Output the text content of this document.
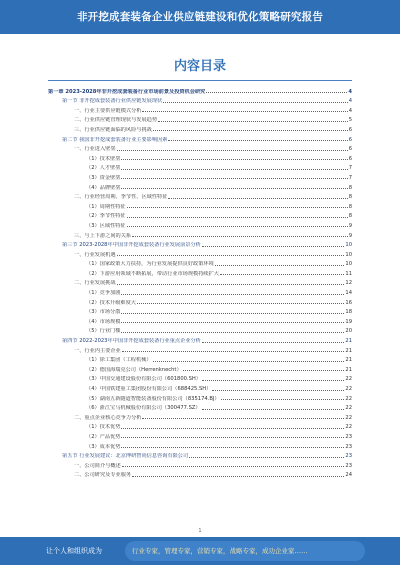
非开挖成套装备企业供应链建设和优化策略研究报告
内容目录
第一章 2023-2028年非开挖成套装备行业市场前景及投资机会研究	4
第一节 非开挖成套装备行业供应链发展现状	4
一、行业主要供应链模式分析	4
二、行业供应链管理现状与发展趋势	5
三、行业供应链面临的风险与挑战	6
第二节 我国非开挖成套装备行业主要影响因素	6
一、行业进入壁垒	6
（1）技术壁垒	6
（2）人才壁垒	7
（3）资金壁垒	7
（4）品牌壁垒	8
二、行业经营周期、季节性、区域性特征	8
（1）周期性特征	8
（2）季节性特征	8
（3）区域性特征	9
三、与上下游之间的关系	9
第三节 2023-2028年中国非开挖成套装备行业发展前景分析	10
一、行业发展机遇	10
（1）国家政策大力扶持，为行业发展提供良好政策环境	10
（2）下游应用领域不断拓展，带动行业市场规模持续扩大	11
二、行业发展挑战	12
（1）竞争加剧	14
（2）技术升级难度大	16
（3）市场分散	18
（4）市场规模	19
（5）行业门槛	20
第四节 2022-2023年中国非开挖成套装备行业重点企业分析	21
一、行业内主要企业	21
（1）徐工集团（工程机械）	21
（2）德国海瑞克公司（Herrenknecht）	21
（3）中国交通建设股份有限公司（601800.SH）	22
（4）中国铁建重工集团股份有限公司（688425.SH）	22
（5）湖南五新隧道智能装备股份有限公司（835174.BJ）	22
（6）浙江宝马机械股份有限公司（300477.SZ）	22
二、重点企业核心竞争力分析	22
（1）技术优势	22
（2）产品优势	23
（3）成本优势	23
第五节 行业发展建议：北京博研智尚信息咨询有限公司	23
一、公司简介与概述	23
二、公司研究及专业服务	24
1
让个人和组织成为	行业专家，管理专家，营销专家，战略专家，成功企业家……
